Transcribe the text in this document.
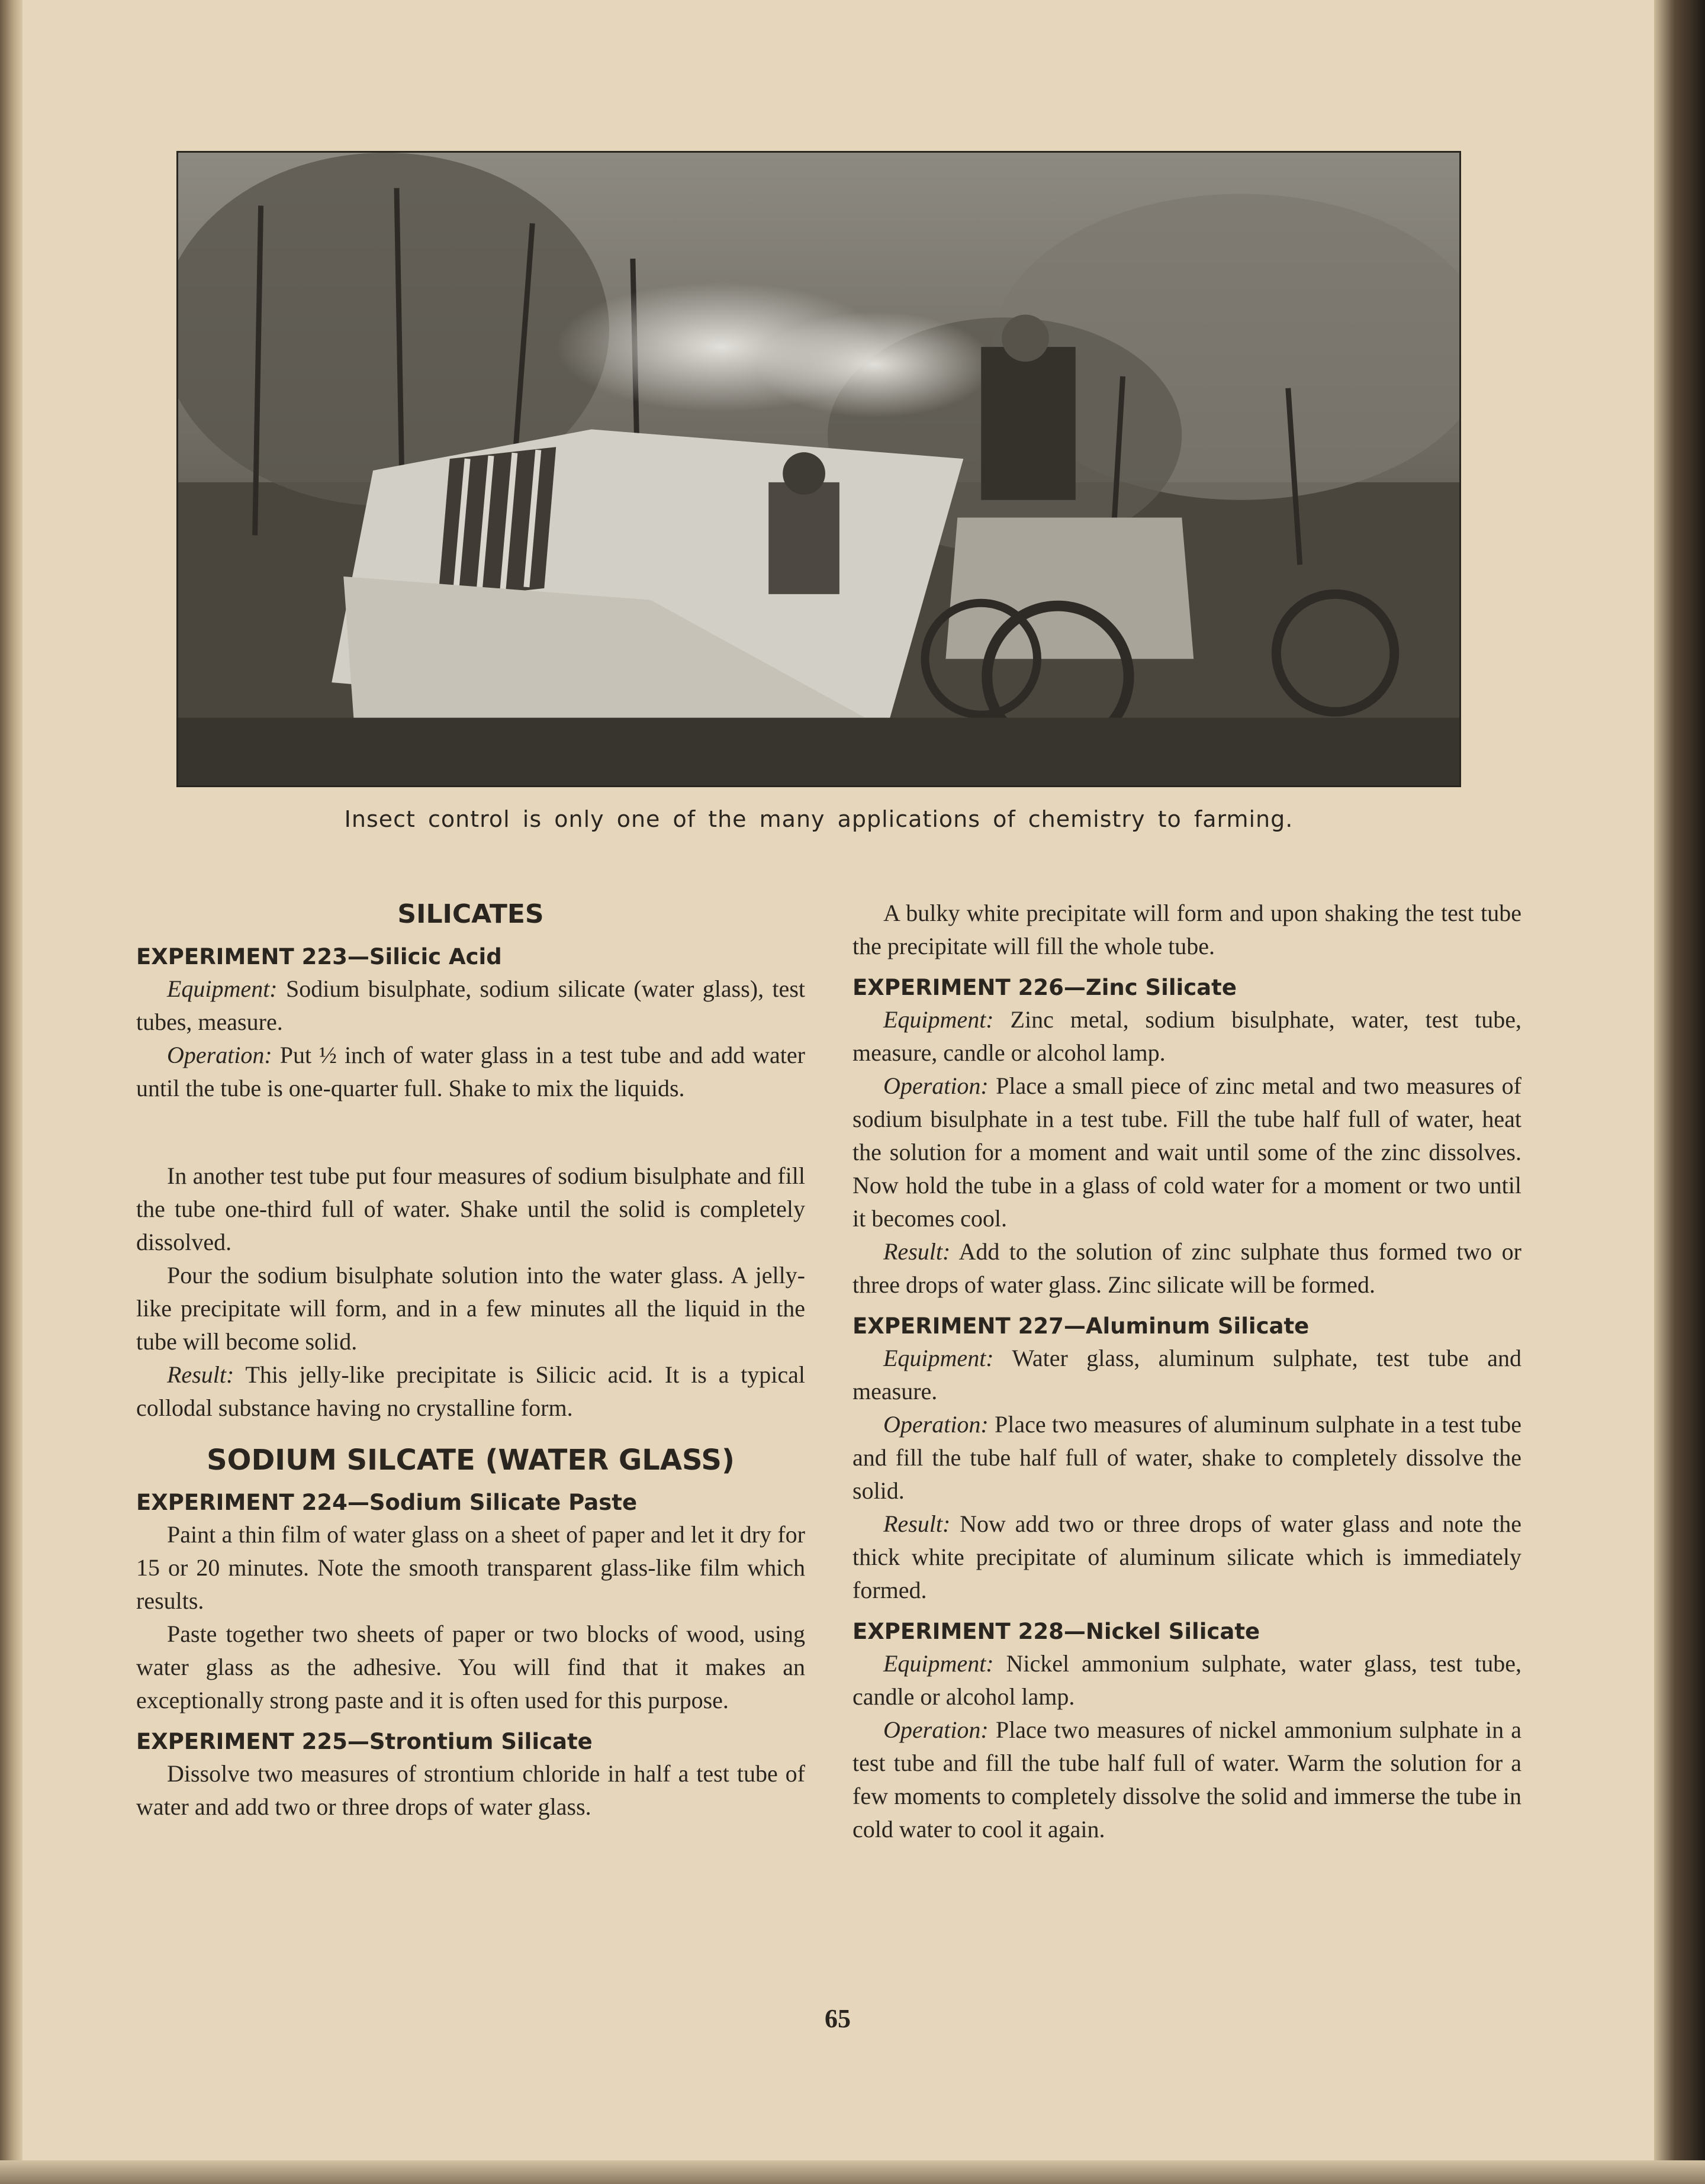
Insect control is only one of the many applications of chemistry to farming.
SILICATES
EXPERIMENT 223—Silicic Acid

Equipment: Sodium bisulphate, sodium silicate (water glass), test tubes, measure.

Operation: Put ½ inch of water glass in a test tube and add water until the tube is one-quarter full. Shake to mix the liquids.

In another test tube put four measures of sodium bisulphate and fill the tube one-third full of water. Shake until the solid is completely dissolved.

Pour the sodium bisulphate solution into the water glass. A jelly-like precipitate will form, and in a few minutes all the liquid in the tube will become solid.

Result: This jelly-like precipitate is Silicic acid. It is a typical collodal substance having no crystalline form.

SODIUM SILCATE (WATER GLASS)
EXPERIMENT 224—Sodium Silicate Paste

Paint a thin film of water glass on a sheet of paper and let it dry for 15 or 20 minutes. Note the smooth transparent glass-like film which results.

Paste together two sheets of paper or two blocks of wood, using water glass as the adhesive. You will find that it makes an exceptionally strong paste and it is often used for this purpose.

EXPERIMENT 225—Strontium Silicate

Dissolve two measures of strontium chloride in half a test tube of water and add two or three drops of water glass.

A bulky white precipitate will form and upon shaking the test tube the precipitate will fill the whole tube.

EXPERIMENT 226—Zinc Silicate

Equipment: Zinc metal, sodium bisulphate, water, test tube, measure, candle or alcohol lamp.

Operation: Place a small piece of zinc metal and two measures of sodium bisulphate in a test tube. Fill the tube half full of water, heat the solution for a moment and wait until some of the zinc dissolves. Now hold the tube in a glass of cold water for a moment or two until it becomes cool.

Result: Add to the solution of zinc sulphate thus formed two or three drops of water glass. Zinc silicate will be formed.

EXPERIMENT 227—Aluminum Silicate

Equipment: Water glass, aluminum sulphate, test tube and measure.

Operation: Place two measures of aluminum sulphate in a test tube and fill the tube half full of water, shake to completely dissolve the solid.

Result: Now add two or three drops of water glass and note the thick white precipitate of aluminum silicate which is immediately formed.

EXPERIMENT 228—Nickel Silicate

Equipment: Nickel ammonium sulphate, water glass, test tube, candle or alcohol lamp.

Operation: Place two measures of nickel ammonium sulphate in a test tube and fill the tube half full of water. Warm the solution for a few moments to completely dissolve the solid and immerse the tube in cold water to cool it again.

65
